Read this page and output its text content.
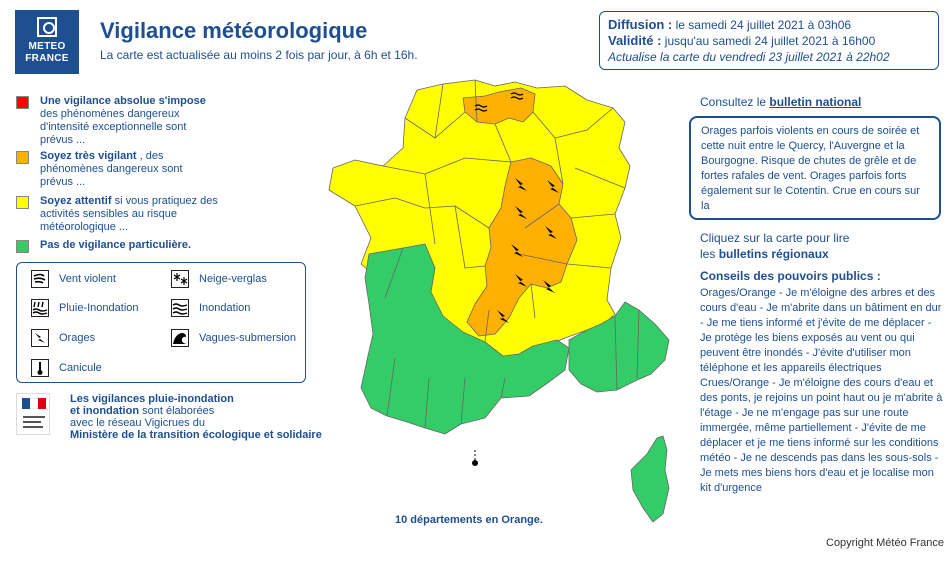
METEO
FRANCE
Vigilance météorologique
La carte est actualisée au moins 2 fois par jour, à 6h et 16h.
Diffusion : le samedi 24 juillet 2021 à 03h06
Validité : jusqu'au samedi 24 juillet 2021 à 16h00
Actualise la carte du vendredi 23 juillet 2021 à 22h02
Une vigilance absolue s'impose
des phénomènes dangereux d'intensité exceptionnelle sont prévus ...
Soyez très vigilant , des phénomènes dangereux sont prévus ...
Soyez attentif si vous pratiquez des activités sensibles au risque météorologique ...
Pas de vigilance particulière.
Vent violent	Neige-verglas
Pluie-Inondation	Inondation
Orages	Vagues-submersion
Canicule
Les vigilances pluie-inondation
et inondation sont élaborées
avec le réseau Vigicrues du
Ministère de la transition écologique et solidaire
10 départements en Orange.
Consultez le bulletin national
Orages parfois violents en cours de soirée et cette nuit entre le Quercy, l'Auvergne et la Bourgogne. Risque de chutes de grêle et de fortes rafales de vent. Orages parfois forts également sur le Cotentin. Crue en cours sur la
Cliquez sur la carte pour lire
les bulletins régionaux
Conseils des pouvoirs publics :
Orages/Orange - Je m'éloigne des arbres et des cours d'eau - Je m'abrite dans un bâtiment en dur - Je me tiens informé et j'évite de me déplacer - Je protège les biens exposés au vent ou qui peuvent être inondés - J'évite d'utiliser mon téléphone et les appareils électriques Crues/Orange - Je m'éloigne des cours d'eau et des ponts, je rejoins un point haut ou je m'abrite à l'étage - Je ne m'engage pas sur une route immergée, même partiellement - J'évite de me déplacer et je me tiens informé sur les conditions météo - Je ne descends pas dans les sous-sols - Je mets mes biens hors d'eau et je localise mon kit d'urgence
Copyright Météo France
